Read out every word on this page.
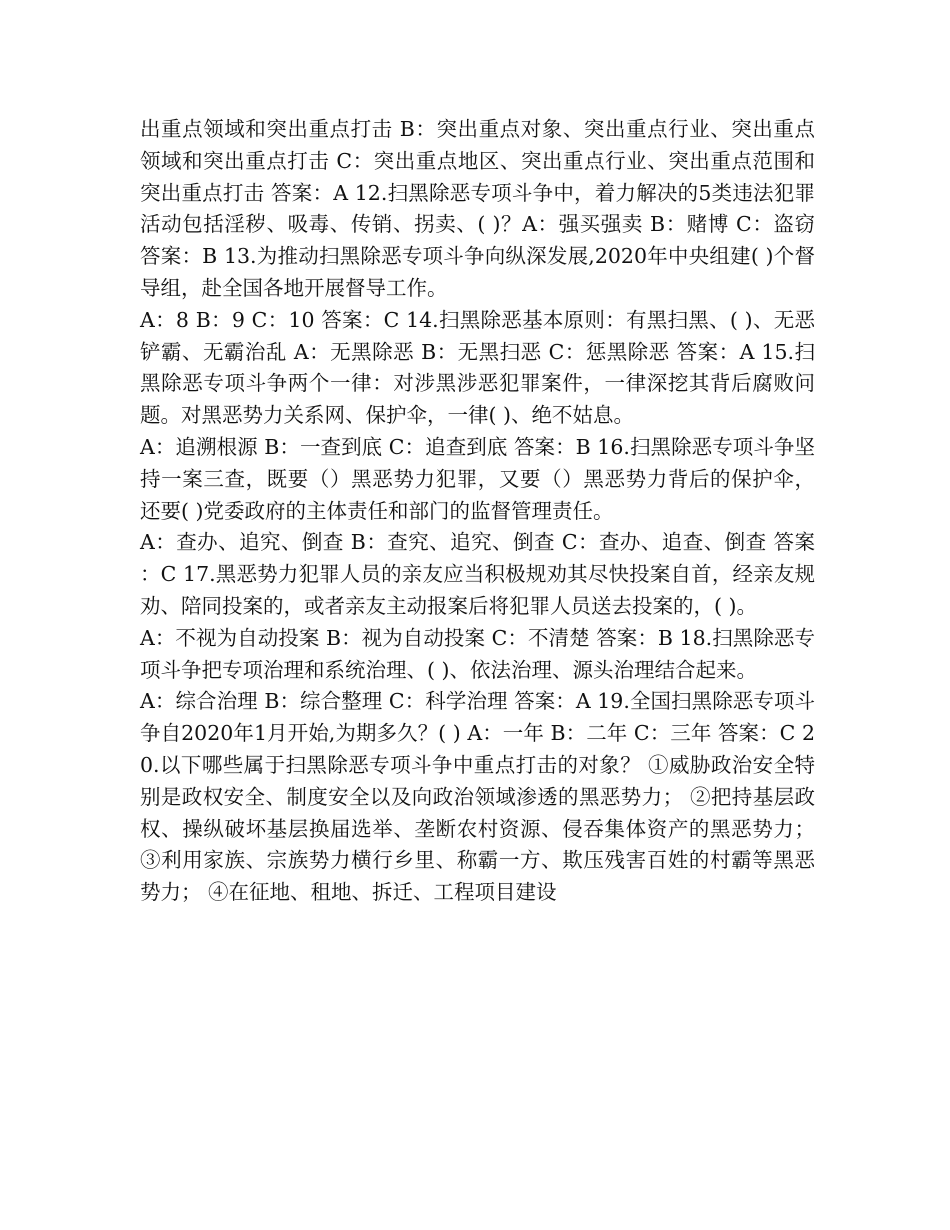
出重点领域和突出重点打击 B：突出重点对象、突出重点行业、突出重点领域和突出重点打击 C：突出重点地区、突出重点行业、突出重点范围和突出重点打击 答案：A 12.扫黑除恶专项斗争中，着力解决的5类违法犯罪活动包括淫秽、吸毒、传销、拐卖、( )？A：强买强卖 B：赌博 C：盗窃 答案：B 13.为推动扫黑除恶专项斗争向纵深发展,2020年中央组建( )个督导组，赴全国各地开展督导工作。

A：8 B：9 C：10 答案：C 14.扫黑除恶基本原则：有黑扫黑、( )、无恶铲霸、无霸治乱 A：无黑除恶 B：无黑扫恶 C：惩黑除恶 答案：A 15.扫黑除恶专项斗争两个一律：对涉黑涉恶犯罪案件，一律深挖其背后腐败问题。对黑恶势力关系网、保护伞，一律( )、绝不姑息。

A：追溯根源 B：一查到底 C：追查到底 答案：B 16.扫黑除恶专项斗争坚持一案三查，既要（）黑恶势力犯罪，又要（）黑恶势力背后的保护伞，还要( )党委政府的主体责任和部门的监督管理责任。

A：查办、追究、倒查 B：查究、追究、倒查 C：查办、追查、倒查 答案：C 17.黑恶势力犯罪人员的亲友应当积极规劝其尽快投案自首，经亲友规劝、陪同投案的，或者亲友主动报案后将犯罪人员送去投案的，( )。

A：不视为自动投案 B：视为自动投案 C：不清楚 答案：B 18.扫黑除恶专项斗争把专项治理和系统治理、( )、依法治理、源头治理结合起来。

A：综合治理 B：综合整理 C：科学治理 答案：A 19.全国扫黑除恶专项斗争自2020年1月开始,为期多久？( ) A：一年 B：二年 C：三年 答案：C 20.以下哪些属于扫黑除恶专项斗争中重点打击的对象？ ①威胁政治安全特别是政权安全、制度安全以及向政治领域渗透的黑恶势力； ②把持基层政权、操纵破坏基层换届选举、垄断农村资源、侵吞集体资产的黑恶势力； ③利用家族、宗族势力横行乡里、称霸一方、欺压残害百姓的村霸等黑恶势力； ④在征地、租地、拆迁、工程项目建设
